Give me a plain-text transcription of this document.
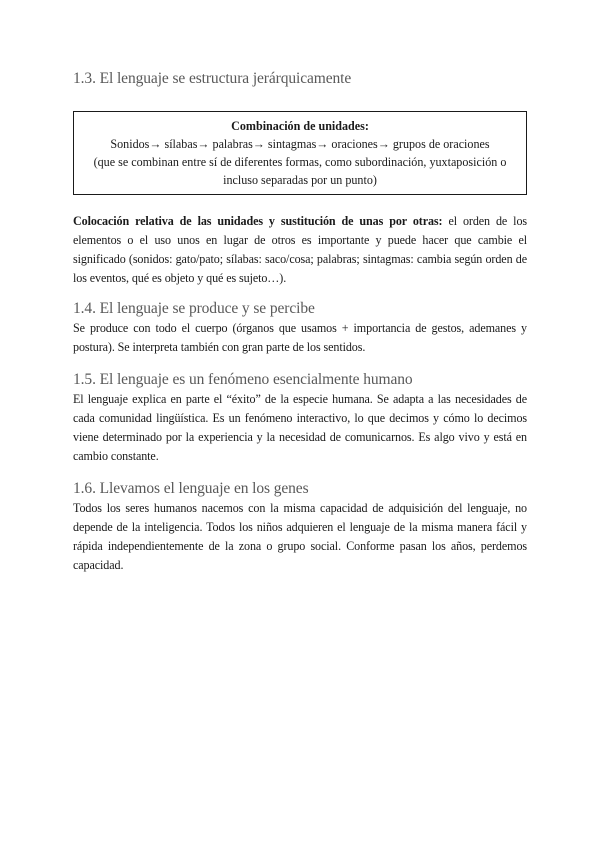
1.3. El lenguaje se estructura jerárquicamente
Combinación de unidades:
Sonidos→ sílabas→ palabras→ sintagmas→ oraciones→ grupos de oraciones
(que se combinan entre sí de diferentes formas, como subordinación, yuxtaposición o
incluso separadas por un punto)

Colocación relativa de las unidades y sustitución de unas por otras: el orden de los elementos o el uso unos en lugar de otros es importante y puede hacer que cambie el significado (sonidos: gato/pato; sílabas: saco/cosa; palabras; sintagmas: cambia según orden de los eventos, qué es objeto y qué es sujeto…).

1.4. El lenguaje se produce y se percibe

Se produce con todo el cuerpo (órganos que usamos + importancia de gestos, ademanes y postura). Se interpreta también con gran parte de los sentidos.

1.5. El lenguaje es un fenómeno esencialmente humano

El lenguaje explica en parte el “éxito” de la especie humana. Se adapta a las necesidades de cada comunidad lingüística. Es un fenómeno interactivo, lo que decimos y cómo lo decimos viene determinado por la experiencia y la necesidad de comunicarnos. Es algo vivo y está en cambio constante.

1.6. Llevamos el lenguaje en los genes

Todos los seres humanos nacemos con la misma capacidad de adquisición del lenguaje, no depende de la inteligencia. Todos los niños adquieren el lenguaje de la misma manera fácil y rápida independientemente de la zona o grupo social. Conforme pasan los años, perdemos capacidad.
